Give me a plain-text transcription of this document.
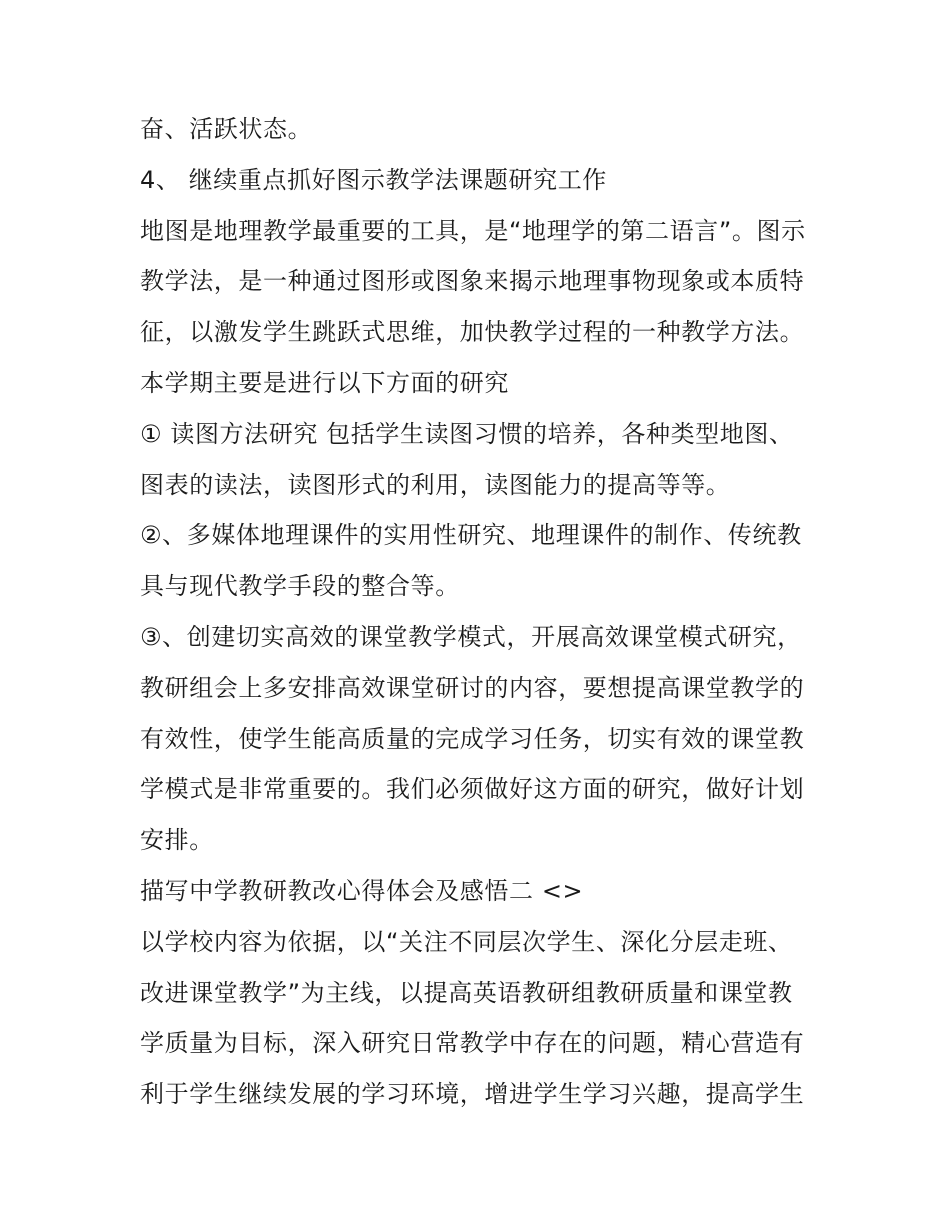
奋、活跃状态。
4、 继续重点抓好图示教学法课题研究工作
地图是地理教学最重要的工具，是“地理学的第二语言”。图示
教学法，是一种通过图形或图象来揭示地理事物现象或本质特
征，以激发学生跳跃式思维，加快教学过程的一种教学方法。
本学期主要是进行以下方面的研究
① 读图方法研究 包括学生读图习惯的培养，各种类型地图、
图表的读法，读图形式的利用，读图能力的提高等等。
②、多媒体地理课件的实用性研究、地理课件的制作、传统教
具与现代教学手段的整合等。
③、创建切实高效的课堂教学模式，开展高效课堂模式研究，
教研组会上多安排高效课堂研讨的内容，要想提高课堂教学的
有效性，使学生能高质量的完成学习任务，切实有效的课堂教
学模式是非常重要的。我们必须做好这方面的研究，做好计划
安排。
描写中学教研教改心得体会及感悟二 <>
以学校内容为依据，以“关注不同层次学生、深化分层走班、
改进课堂教学”为主线，以提高英语教研组教研质量和课堂教
学质量为目标，深入研究日常教学中存在的问题，精心营造有
利于学生继续发展的学习环境，增进学生学习兴趣，提高学生
